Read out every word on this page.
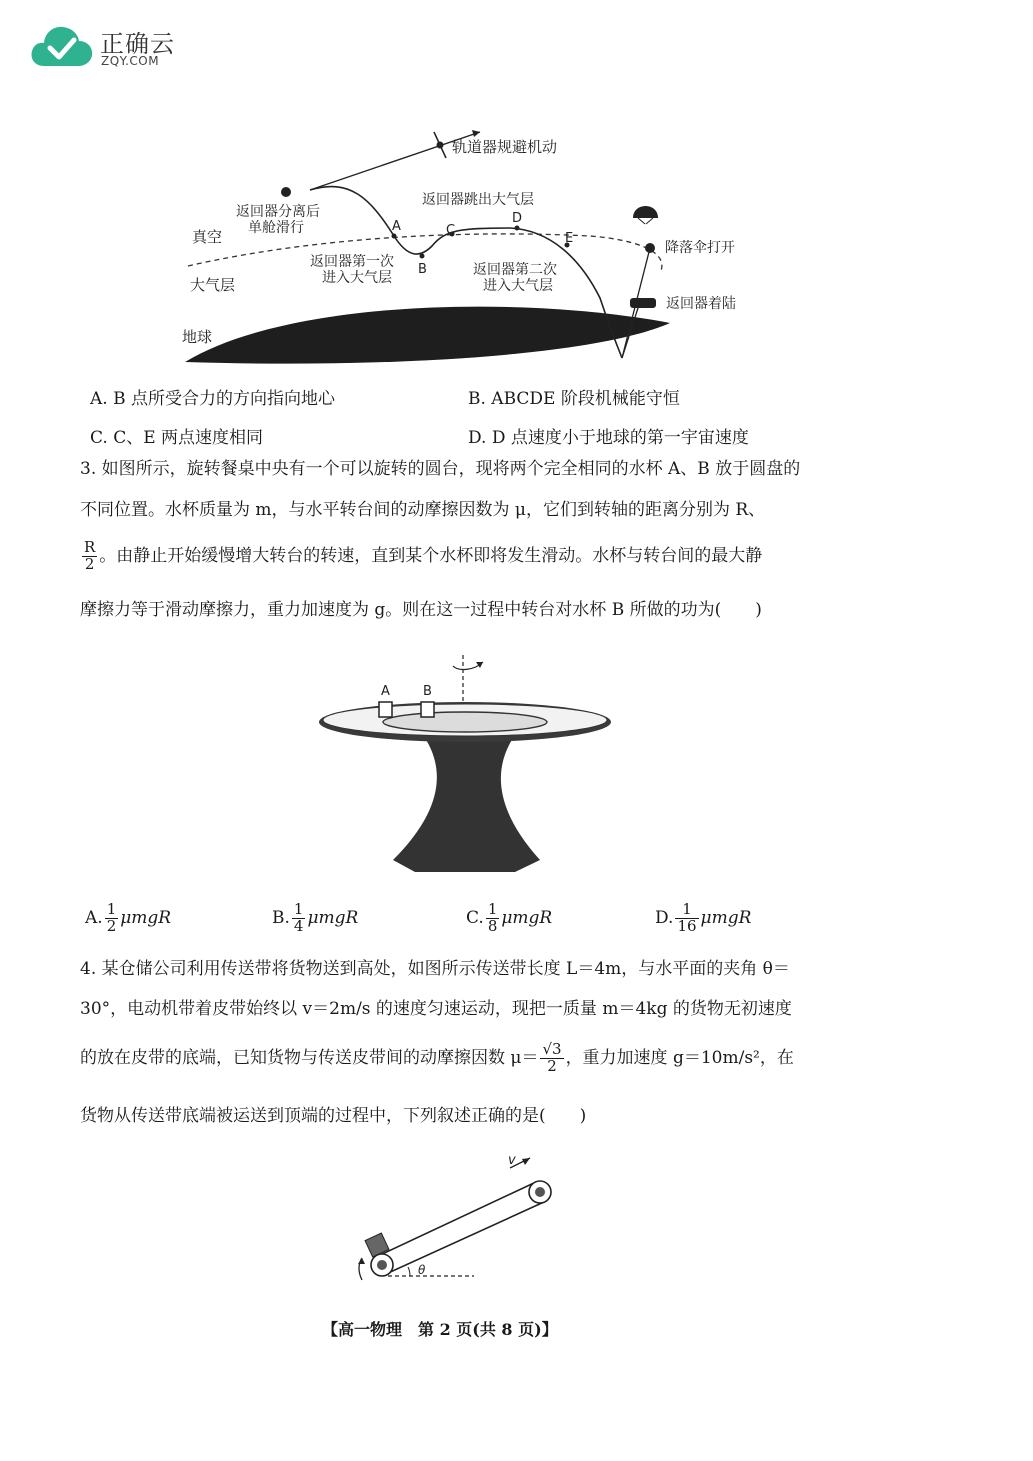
正确云
ZQY.COM
地球
真空
大气层
轨道器规避机动
返回器分离后
单舱滑行	A
B
C
D
E
返回器跳出大气层
返回器第一次
进入大气层	返回器第二次
进入大气层
降落伞打开
返回器着陆
A. B 点所受合力的方向指向地心	B. ABCDE 阶段机械能守恒
C. C、E 两点速度相同	D. D 点速度小于地球的第一宇宙速度
3. 如图所示，旋转餐桌中央有一个可以旋转的圆台，现将两个完全相同的水杯 A、B 放于圆盘的
不同位置。水杯质量为 m，与水平转台间的动摩擦因数为 μ，它们到转轴的距离分别为 R、
$\frac{R}{2}$ 。由静止开始缓慢增大转台的转速，直到某个水杯即将发生滑动。水杯与转台间的最大静
摩擦力等于滑动摩擦力，重力加速度为 g。则在这一过程中转台对水杯 B 所做的功为(　　)
A	B
A. $\frac{1}{2}$ μmgR	B. $\frac{1}{4}$ μmgR	C. $\frac{1}{8}$ μmgR	D. $\frac{1}{16}$ μmgR
4. 某仓储公司利用传送带将货物送到高处，如图所示传送带长度 L＝4m，与水平面的夹角 θ＝
30°，电动机带着皮带始终以 v＝2m/s 的速度匀速运动，现把一质量 m＝4kg 的货物无初速度
的放在皮带的底端，已知货物与传送皮带间的动摩擦因数 $\mu= \frac{√3}{2}$ ，重力加速度 g＝10m/s²，在
货物从传送带底端被运送到顶端的过程中，下列叙述正确的是(　　)
v
θ
【高一物理　第 2 页(共 8 页)】
